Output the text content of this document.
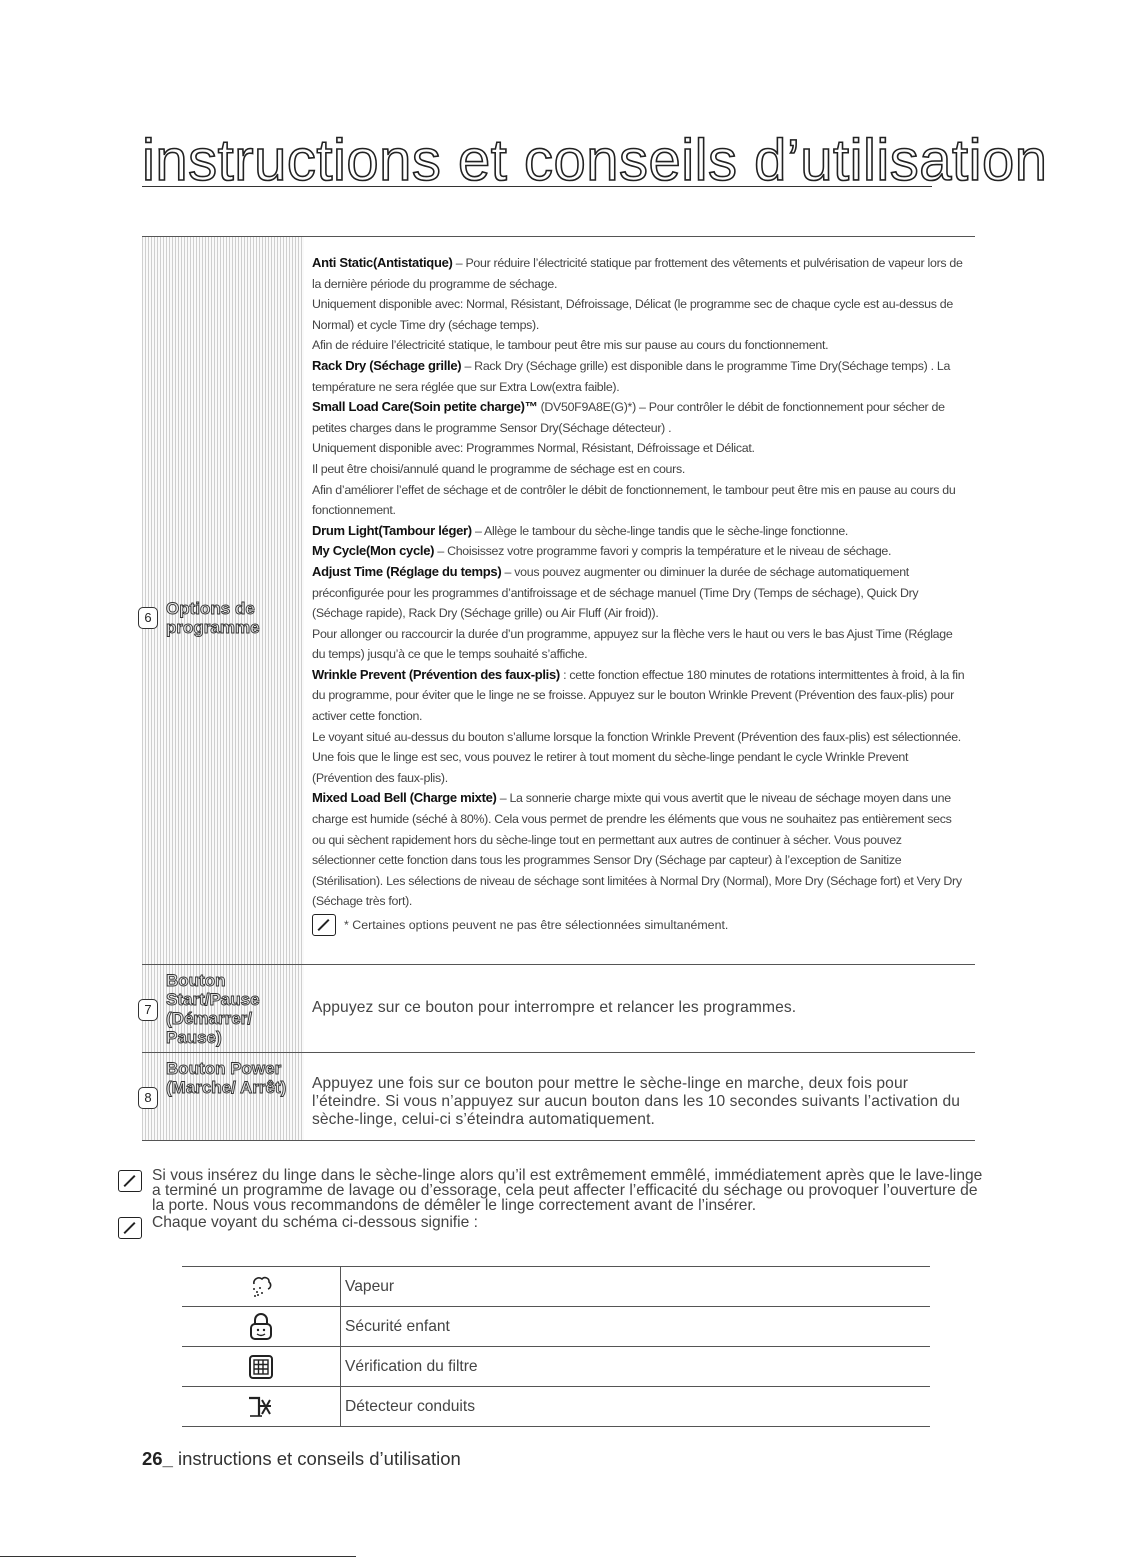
instructions et conseils d’utilisation
6 Options de programme
Anti Static(Antistatique) – Pour réduire l’électricité statique par frottement des vêtements et pulvérisation de vapeur lors de la dernière période du programme de séchage.
Uniquement disponible avec: Normal, Résistant, Défroissage, Délicat (le programme sec de chaque cycle est au-dessus de Normal) et cycle Time dry (séchage temps).
Afin de réduire l’électricité statique, le tambour peut être mis sur pause au cours du fonctionnement.
Rack Dry (Séchage grille) – Rack Dry (Séchage grille) est disponible dans le programme Time Dry(Séchage temps) . La température ne sera réglée que sur Extra Low(extra faible).
Small Load Care(Soin petite charge)™ (DV50F9A8E(G)*) – Pour contrôler le débit de fonctionnement pour sécher de petites charges dans le programme Sensor Dry(Séchage détecteur) .
Uniquement disponible avec: Programmes Normal, Résistant, Défroissage et Délicat.
Il peut être choisi/annulé quand le programme de séchage est en cours.
Afin d’améliorer l’effet de séchage et de contrôler le débit de fonctionnement, le tambour peut être mis en pause au cours du fonctionnement.
Drum Light(Tambour léger) – Allège le tambour du sèche-linge tandis que le sèche-linge fonctionne.
My Cycle(Mon cycle) – Choisissez votre programme favori y compris la température et le niveau de séchage.
Adjust Time (Réglage du temps) – vous pouvez augmenter ou diminuer la durée de séchage automatiquement préconfigurée pour les programmes d’antifroissage et de séchage manuel (Time Dry (Temps de séchage), Quick Dry (Séchage rapide), Rack Dry (Séchage grille) ou Air Fluff (Air froid)).
Pour allonger ou raccourcir la durée d’un programme, appuyez sur la flèche vers le haut ou vers le bas Ajust Time (Réglage du temps) jusqu’à ce que le temps souhaité s’affiche.
Wrinkle Prevent (Prévention des faux-plis) : cette fonction effectue 180 minutes de rotations intermittentes à froid, à la fin du programme, pour éviter que le linge ne se froisse. Appuyez sur le bouton Wrinkle Prevent (Prévention des faux-plis) pour activer cette fonction.
Le voyant situé au-dessus du bouton s’allume lorsque la fonction Wrinkle Prevent (Prévention des faux-plis) est sélectionnée.
Une fois que le linge est sec, vous pouvez le retirer à tout moment du sèche-linge pendant le cycle Wrinkle Prevent (Prévention des faux-plis).
Mixed Load Bell (Charge mixte) – La sonnerie charge mixte qui vous avertit que le niveau de séchage moyen dans une charge est humide (séché à 80%). Cela vous permet de prendre les éléments que vous ne souhaitez pas entièrement secs ou qui sèchent rapidement hors du sèche-linge tout en permettant aux autres de continuer à sécher. Vous pouvez sélectionner cette fonction dans tous les programmes Sensor Dry (Séchage par capteur) à l’exception de Sanitize (Stérilisation). Les sélections de niveau de séchage sont limitées à Normal Dry (Normal), More Dry (Séchage fort) et Very Dry (Séchage très fort).
* Certaines options peuvent ne pas être sélectionnées simultanément.
7
Bouton Start/Pause (Démarrer/ Pause)
Appuyez sur ce bouton pour interrompre et relancer les programmes.
8
Bouton Power (Marche/ Arrêt)	Appuyez une fois sur ce bouton pour mettre le sèche-linge en marche, deux fois pour l’éteindre. Si vous n’appuyez sur aucun bouton dans les 10 secondes suivants l’activation du sèche-linge, celui-ci s’éteindra automatiquement.
Si vous insérez du linge dans le sèche-linge alors qu’il est extrêmement emmêlé, immédiatement après que le lave-linge a terminé un programme de lavage ou d’essorage, cela peut affecter l’efficacité du séchage ou provoquer l’ouverture de la porte. Nous vous recommandons de démêler le linge correctement avant de l’insérer.
Chaque voyant du schéma ci-dessous signifie :
Vapeur
Sécurité enfant
Vérification du filtre
Détecteur conduits
26_ instructions et conseils d’utilisation
